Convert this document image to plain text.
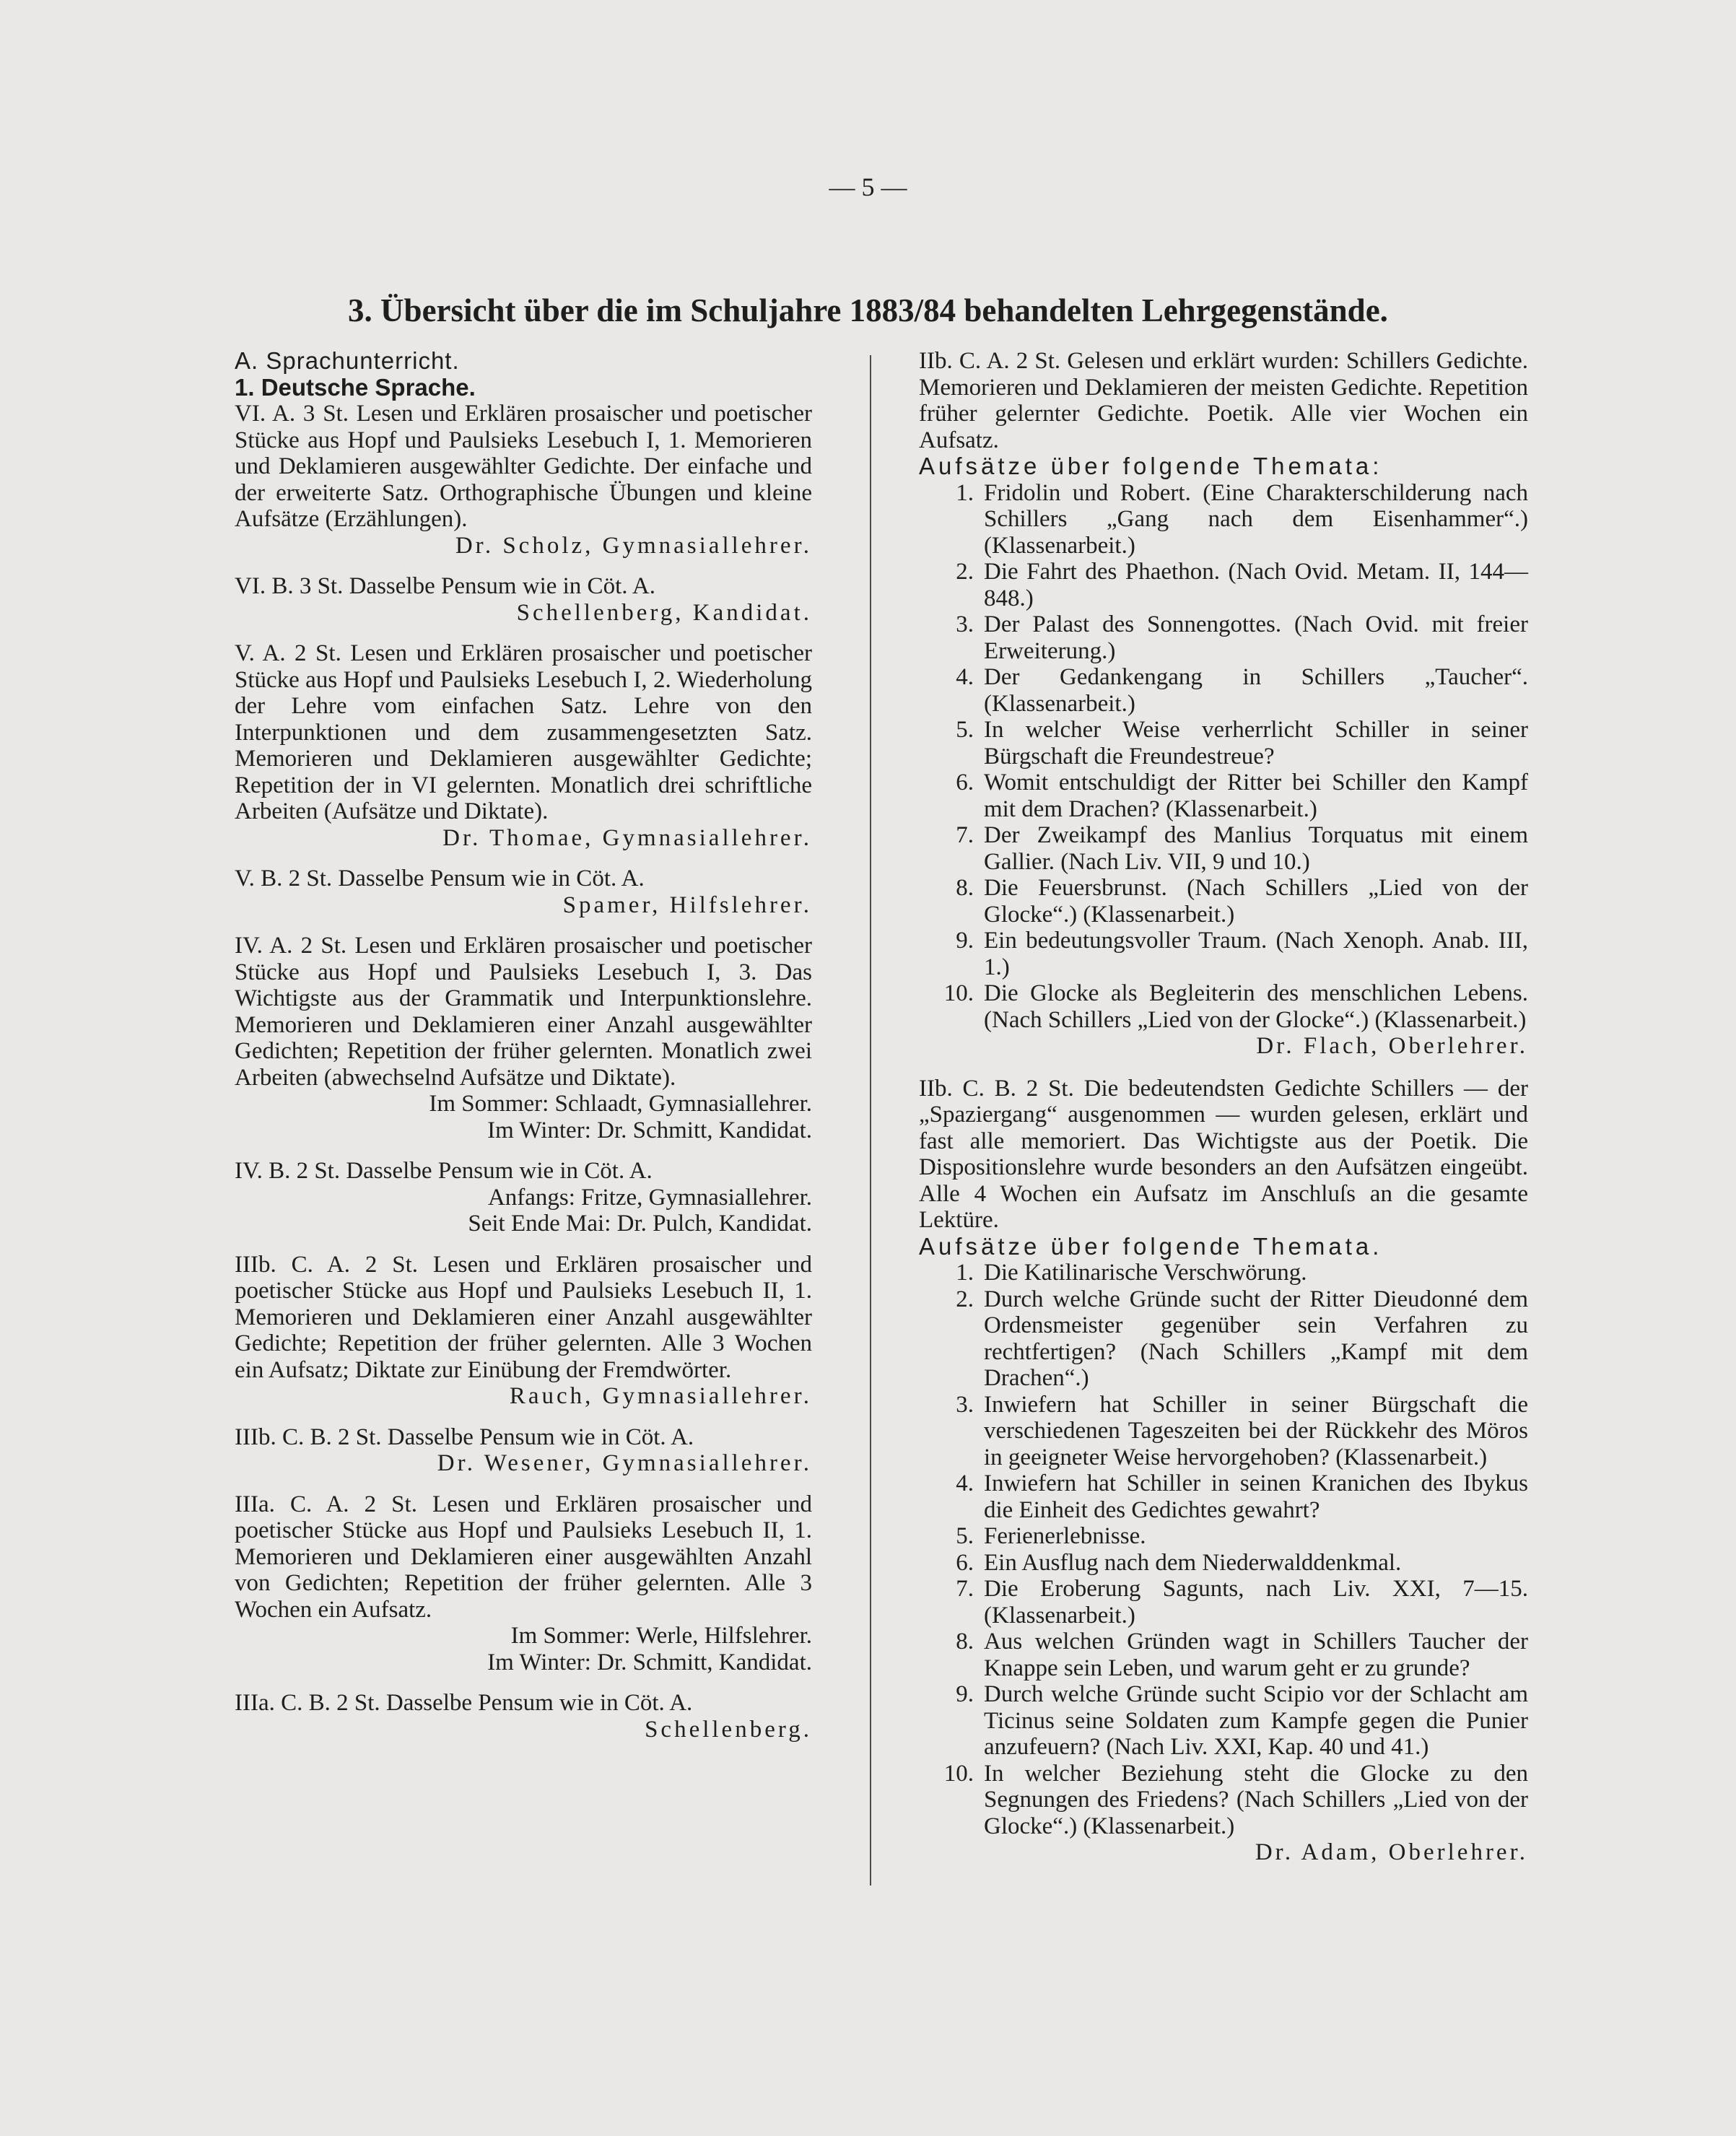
— 5 —
3. Übersicht über die im Schuljahre 1883/84 behandelten Lehrgegenstände.

A. Sprachunterricht.

1. Deutsche Sprache.

VI. A. 3 St. Lesen und Erklären prosaischer und poetischer Stücke aus Hopf und Paulsieks Lesebuch I, 1. Memorieren und Deklamieren ausgewählter Gedichte. Der einfache und der erweiterte Satz. Orthographische Übungen und kleine Aufsätze (Erzählungen).

Dr. Scholz, Gymnasiallehrer.

VI. B. 3 St. Dasselbe Pensum wie in Cöt. A.

Schellenberg, Kandidat.

V. A. 2 St. Lesen und Erklären prosaischer und poetischer Stücke aus Hopf und Paulsieks Lesebuch I, 2. Wiederholung der Lehre vom einfachen Satz. Lehre von den Interpunktionen und dem zusammengesetzten Satz. Memorieren und Deklamieren ausgewählter Gedichte; Repetition der in VI gelernten. Monatlich drei schriftliche Arbeiten (Aufsätze und Diktate).

Dr. Thomae, Gymnasiallehrer.

V. B. 2 St. Dasselbe Pensum wie in Cöt. A.

Spamer, Hilfslehrer.

IV. A. 2 St. Lesen und Erklären prosaischer und poetischer Stücke aus Hopf und Paulsieks Lesebuch I, 3. Das Wichtigste aus der Grammatik und Interpunktionslehre. Memorieren und Deklamieren einer Anzahl ausgewählter Gedichten; Repetition der früher gelernten. Monatlich zwei Arbeiten (abwechselnd Aufsätze und Diktate).

Im Sommer: Schlaadt, Gymnasiallehrer.

Im Winter: Dr. Schmitt, Kandidat.

IV. B. 2 St. Dasselbe Pensum wie in Cöt. A.

Anfangs: Fritze, Gymnasiallehrer.

Seit Ende Mai: Dr. Pulch, Kandidat.

IIIb. C. A. 2 St. Lesen und Erklären prosaischer und poetischer Stücke aus Hopf und Paulsieks Lesebuch II, 1. Memorieren und Deklamieren einer Anzahl ausgewählter Gedichte; Repetition der früher gelernten. Alle 3 Wochen ein Aufsatz; Diktate zur Einübung der Fremdwörter.

Rauch, Gymnasiallehrer.

IIIb. C. B. 2 St. Dasselbe Pensum wie in Cöt. A.

Dr. Wesener, Gymnasiallehrer.

IIIa. C. A. 2 St. Lesen und Erklären prosaischer und poetischer Stücke aus Hopf und Paulsieks Lesebuch II, 1. Memorieren und Deklamieren einer ausgewählten Anzahl von Gedichten; Repetition der früher gelernten. Alle 3 Wochen ein Aufsatz.

Im Sommer: Werle, Hilfslehrer.

Im Winter: Dr. Schmitt, Kandidat.

IIIa. C. B. 2 St. Dasselbe Pensum wie in Cöt. A.

Schellenberg.

IIb. C. A. 2 St. Gelesen und erklärt wurden: Schillers Gedichte. Memorieren und Deklamieren der meisten Gedichte. Repetition früher gelernter Gedichte. Poetik. Alle vier Wochen ein Aufsatz.

Aufsätze über folgende Themata:

1. Fridolin und Robert. (Eine Charakterschilderung nach Schillers „Gang nach dem Eisenhammer“.) (Klassenarbeit.)
2. Die Fahrt des Phaethon. (Nach Ovid. Metam. II, 144—848.)
3. Der Palast des Sonnengottes. (Nach Ovid. mit freier Erweiterung.)
4. Der Gedankengang in Schillers „Taucher“. (Klassenarbeit.)
5. In welcher Weise verherrlicht Schiller in seiner Bürgschaft die Freundestreue?
6. Womit entschuldigt der Ritter bei Schiller den Kampf mit dem Drachen? (Klassenarbeit.)
7. Der Zweikampf des Manlius Torquatus mit einem Gallier. (Nach Liv. VII, 9 und 10.)
8. Die Feuersbrunst. (Nach Schillers „Lied von der Glocke“.) (Klassenarbeit.)
9. Ein bedeutungsvoller Traum. (Nach Xenoph. Anab. III, 1.)
10. Die Glocke als Begleiterin des menschlichen Lebens. (Nach Schillers „Lied von der Glocke“.) (Klassenarbeit.)

Dr. Flach, Oberlehrer.

IIb. C. B. 2 St. Die bedeutendsten Gedichte Schillers — der „Spaziergang“ ausgenommen — wurden gelesen, erklärt und fast alle memoriert. Das Wichtigste aus der Poetik. Die Dispositionslehre wurde besonders an den Aufsätzen eingeübt. Alle 4 Wochen ein Aufsatz im Anschluſs an die gesamte Lektüre.

Aufsätze über folgende Themata.

1. Die Katilinarische Verschwörung.
2. Durch welche Gründe sucht der Ritter Dieudonné dem Ordensmeister gegenüber sein Verfahren zu rechtfertigen? (Nach Schillers „Kampf mit dem Drachen“.)
3. Inwiefern hat Schiller in seiner Bürgschaft die verschiedenen Tageszeiten bei der Rückkehr des Möros in geeigneter Weise hervorgehoben? (Klassenarbeit.)
4. Inwiefern hat Schiller in seinen Kranichen des Ibykus die Einheit des Gedichtes gewahrt?
5. Ferienerlebnisse.
6. Ein Ausflug nach dem Niederwalddenkmal.
7. Die Eroberung Sagunts, nach Liv. XXI, 7—15. (Klassenarbeit.)
8. Aus welchen Gründen wagt in Schillers Taucher der Knappe sein Leben, und warum geht er zu grunde?
9. Durch welche Gründe sucht Scipio vor der Schlacht am Ticinus seine Soldaten zum Kampfe gegen die Punier anzufeuern? (Nach Liv. XXI, Kap. 40 und 41.)
10. In welcher Beziehung steht die Glocke zu den Segnungen des Friedens? (Nach Schillers „Lied von der Glocke“.) (Klassenarbeit.)

Dr. Adam, Oberlehrer.
